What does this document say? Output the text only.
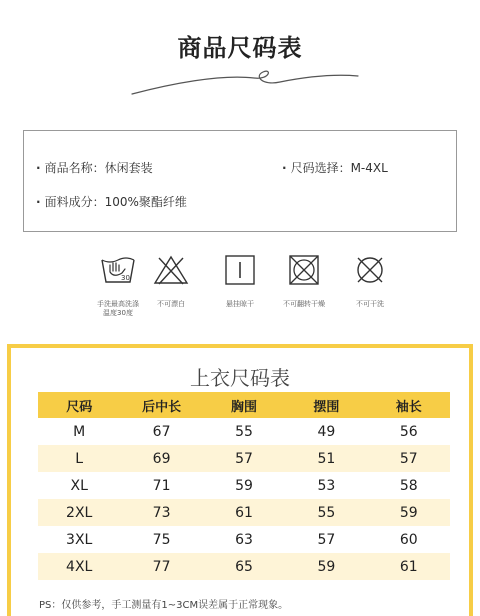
商品尺码表
· 商品名称：休闲套装	· 尺码选择：M-4XL
· 面料成分：100%聚酯纤维
30
手洗最高洗涤温度30度
不可漂白	悬挂晾干	不可翻转干燥	不可干洗
上衣尺码表
尺码	后中长	胸围	摆围	袖长
M	67	55	49	56
L	69	57	51	57
XL	71	59	53	58
2XL	73	61	55	59
3XL	75	63	57	60
4XL	77	65	59	61
PS：仅供参考，手工测量有1~3CM误差属于正常现象。
